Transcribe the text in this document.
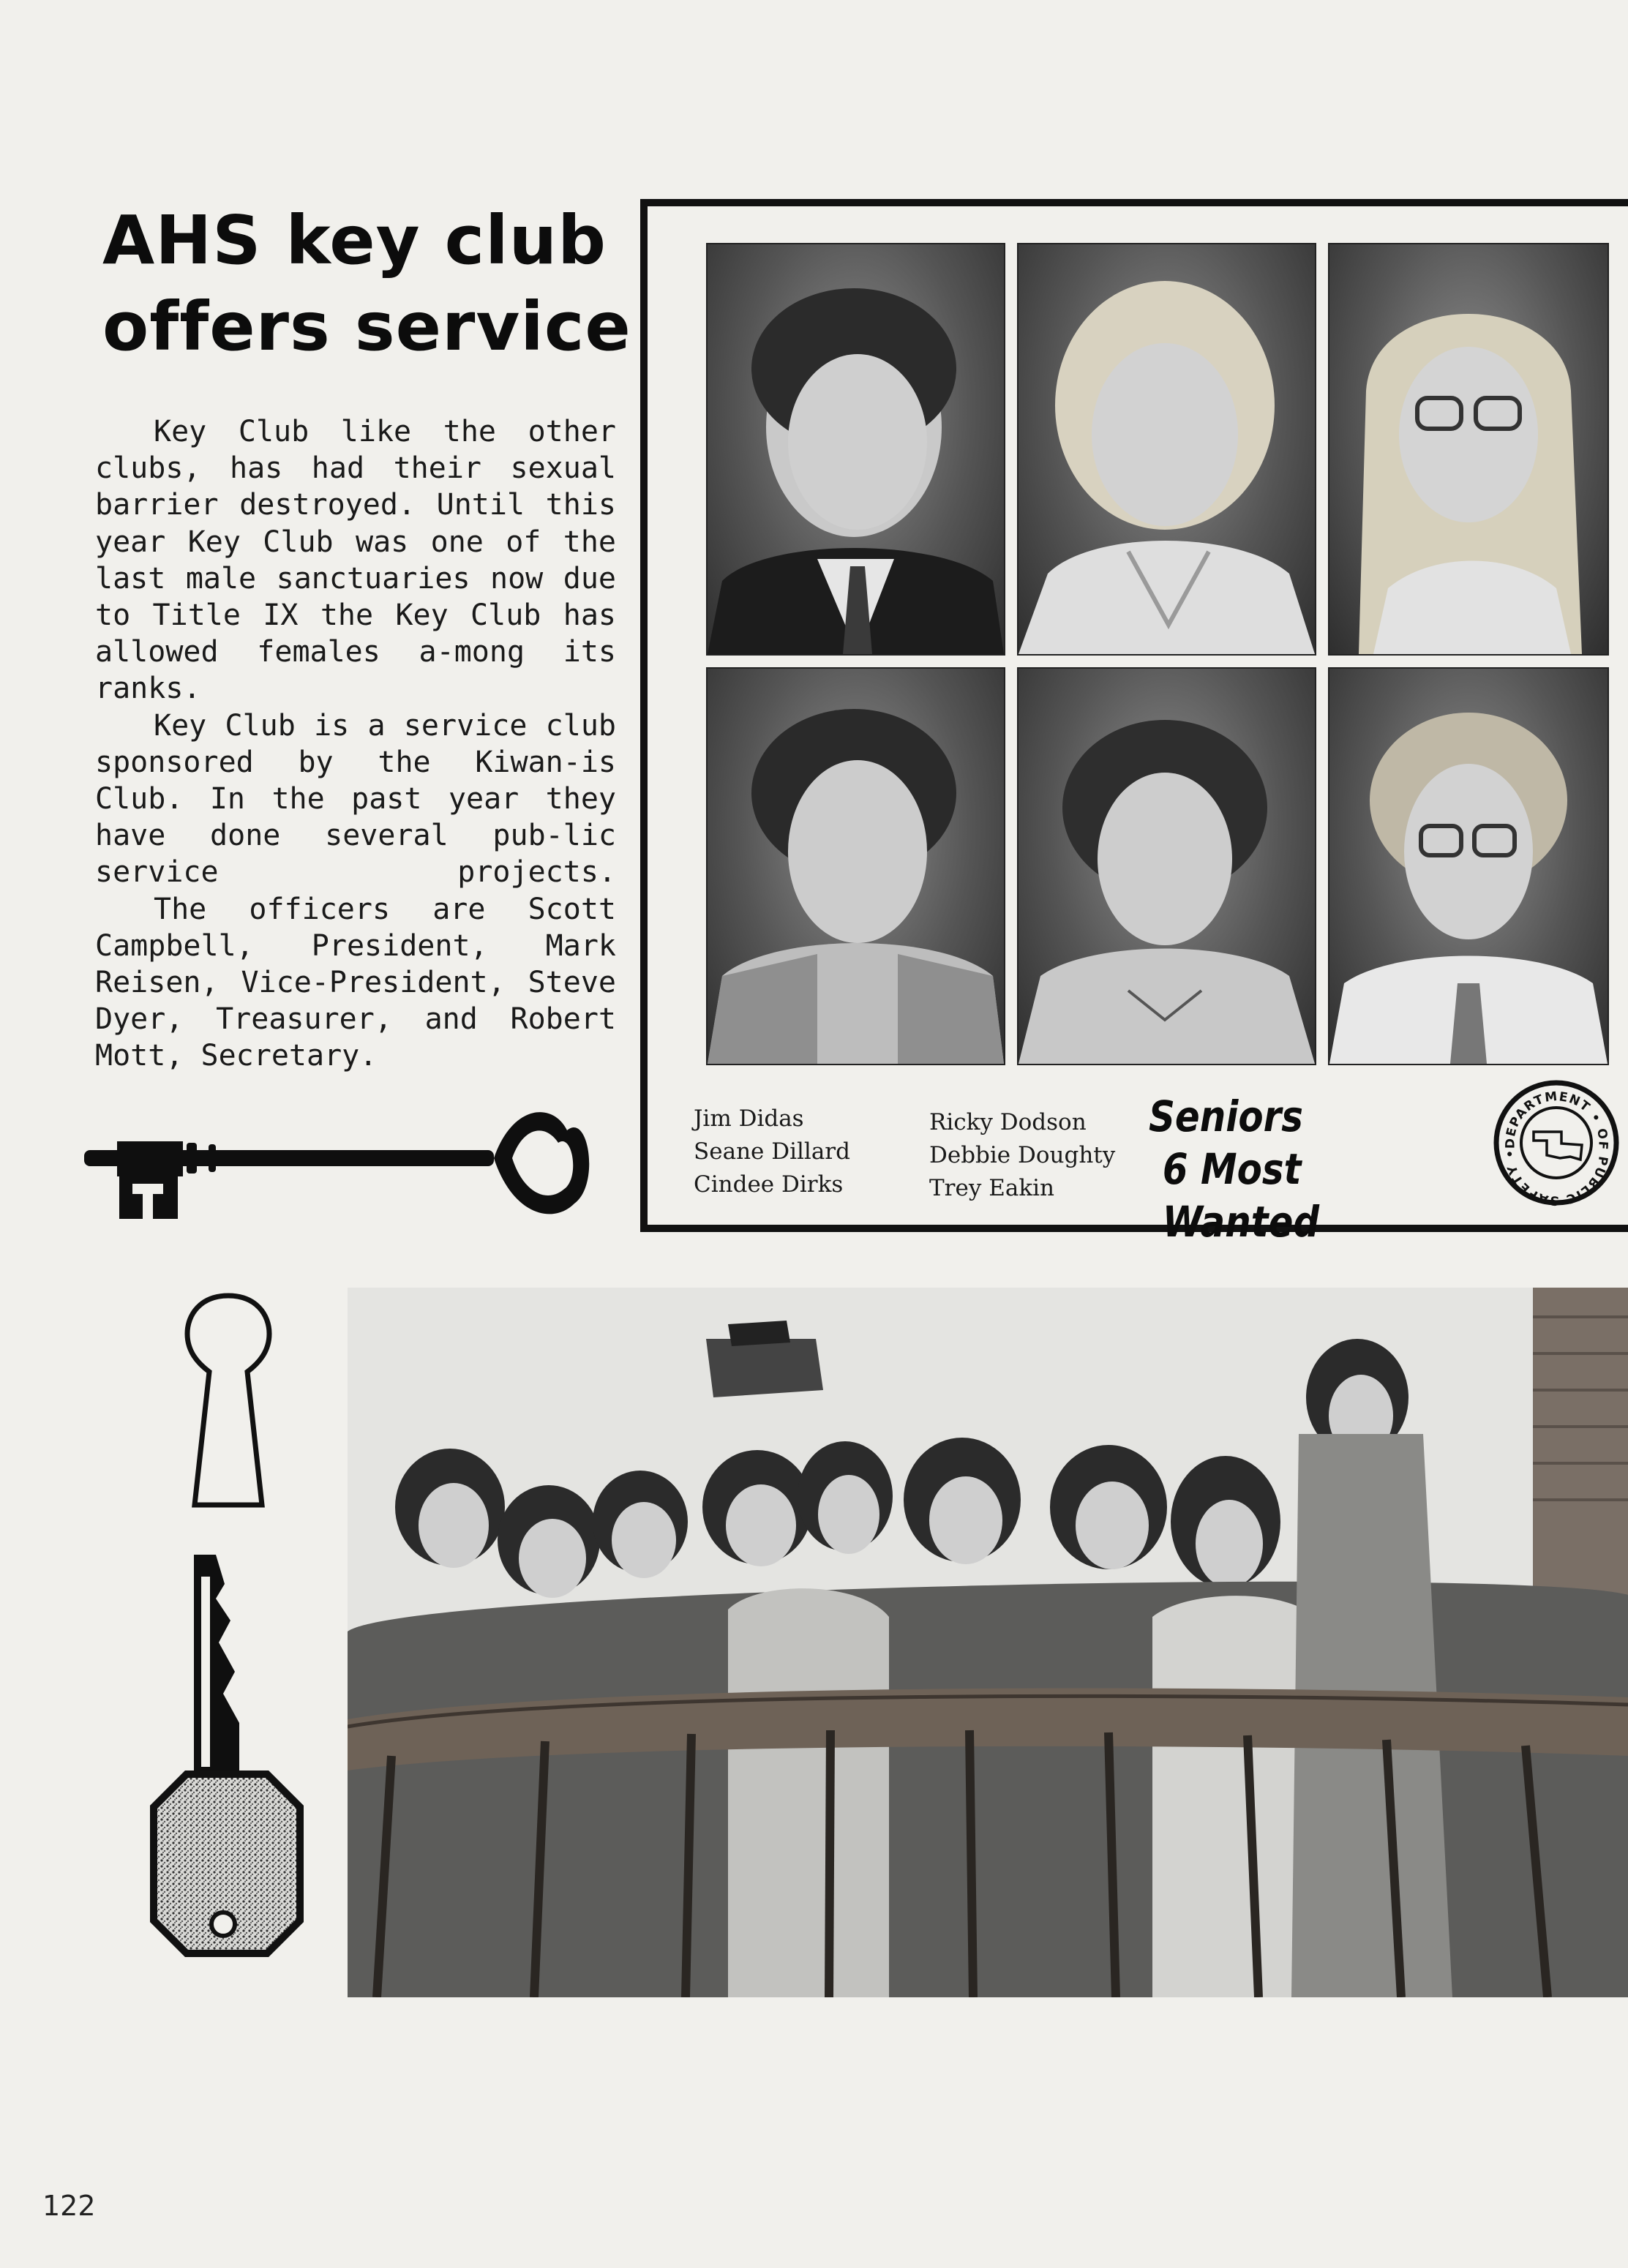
AHS key club
offers service

Key Club like the other clubs, has had their sexual barrier destroyed. Until this year Key Club was one of the last male sanctuaries now due to Title IX the Key Club has allowed females a-mong its ranks.

Key Club is a service club sponsored by the Kiwan-is Club. In the past year they have done several pub-lic service projects.

The officers are Scott Campbell, President, Mark Reisen, Vice-President, Steve Dyer, Treasurer, and Robert Mott, Secretary.

Jim Didas
Seane Dillard
Cindee Dirks
Ricky Dodson
Debbie Doughty
Trey Eakin
Seniors
6 Most Wanted
DEPARTMENT • OF PUBLIC SAFETY •
122
